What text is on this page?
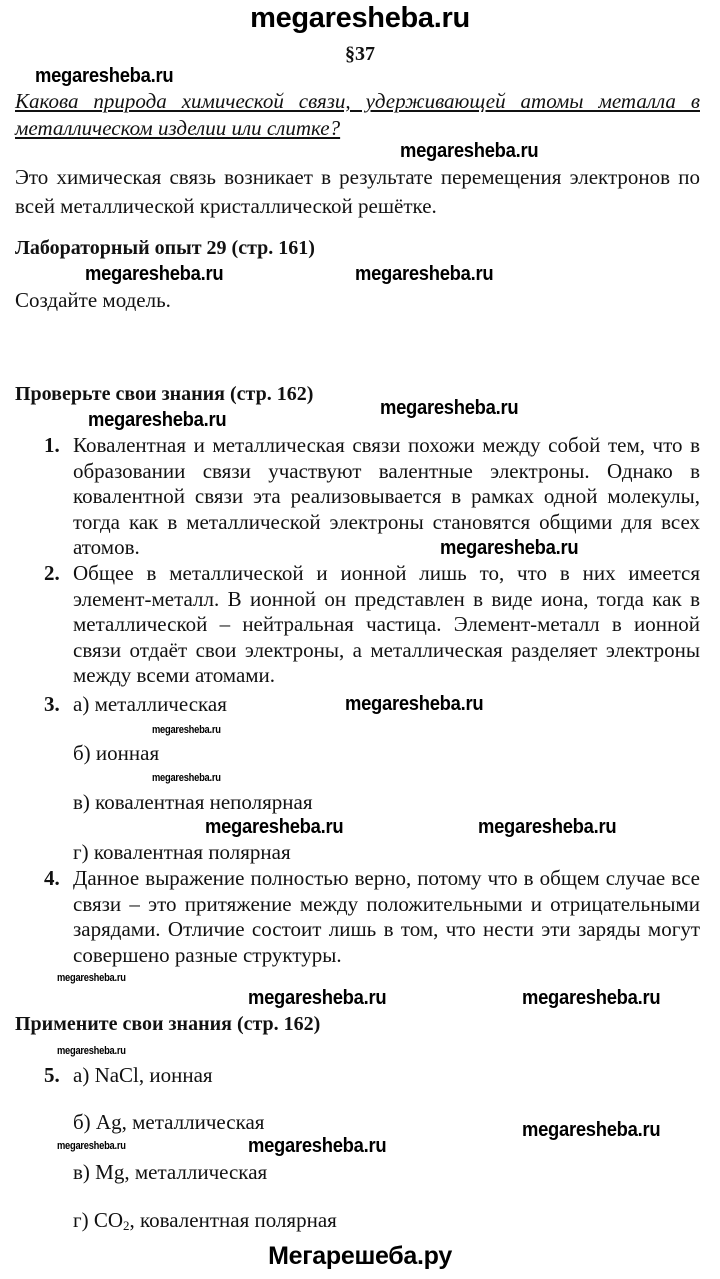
megaresheba.ru
§37
megaresheba.ru
Какова природа химической связи, удерживающей атомы металла в металлическом изделии или слитке?
megaresheba.ru
Это химическая связь возникает в результате перемещения электронов по всей металлической кристаллической решётке.
Лабораторный опыт 29 (стр. 161)
megaresheba.ru	megaresheba.ru
Создайте модель.
Проверьте свои знания (стр. 162)
megaresheba.ru
megaresheba.ru
1. Ковалентная и металлическая связи похожи между собой тем, что в образовании связи участвуют валентные электроны. Однако в ковалентной связи эта реализовывается в рамках одной молекулы, тогда как в металлической электроны становятся общими для всех атомов.	megaresheba.ru
2. Общее в металлической и ионной лишь то, что в них имеется элемент-металл. В ионной он представлен в виде иона, тогда как в металлической – нейтральная частица. Элемент-металл в ионной связи отдаёт свои электроны, а металлическая разделяет электроны между всеми атомами.
3. а) металлическая	megaresheba.ru
megaresheba.ru
б) ионная
megaresheba.ru
в) ковалентная неполярная
megaresheba.ru	megaresheba.ru
г) ковалентная полярная
4. Данное выражение полностью верно, потому что в общем случае все связи – это притяжение между положительными и отрицательными зарядами. Отличие состоит лишь в том, что нести эти заряды могут совершено разные структуры.
megaresheba.ru
megaresheba.ru	megaresheba.ru
Примените свои знания (стр. 162)
megaresheba.ru
5. а) NaCl, ионная
б) Ag, металлическая
megaresheba.ru	megaresheba.ru
megaresheba.ru
в) Mg, металлическая
г) $CO_2$, ковалентная полярная
Мегарешеба.ру
